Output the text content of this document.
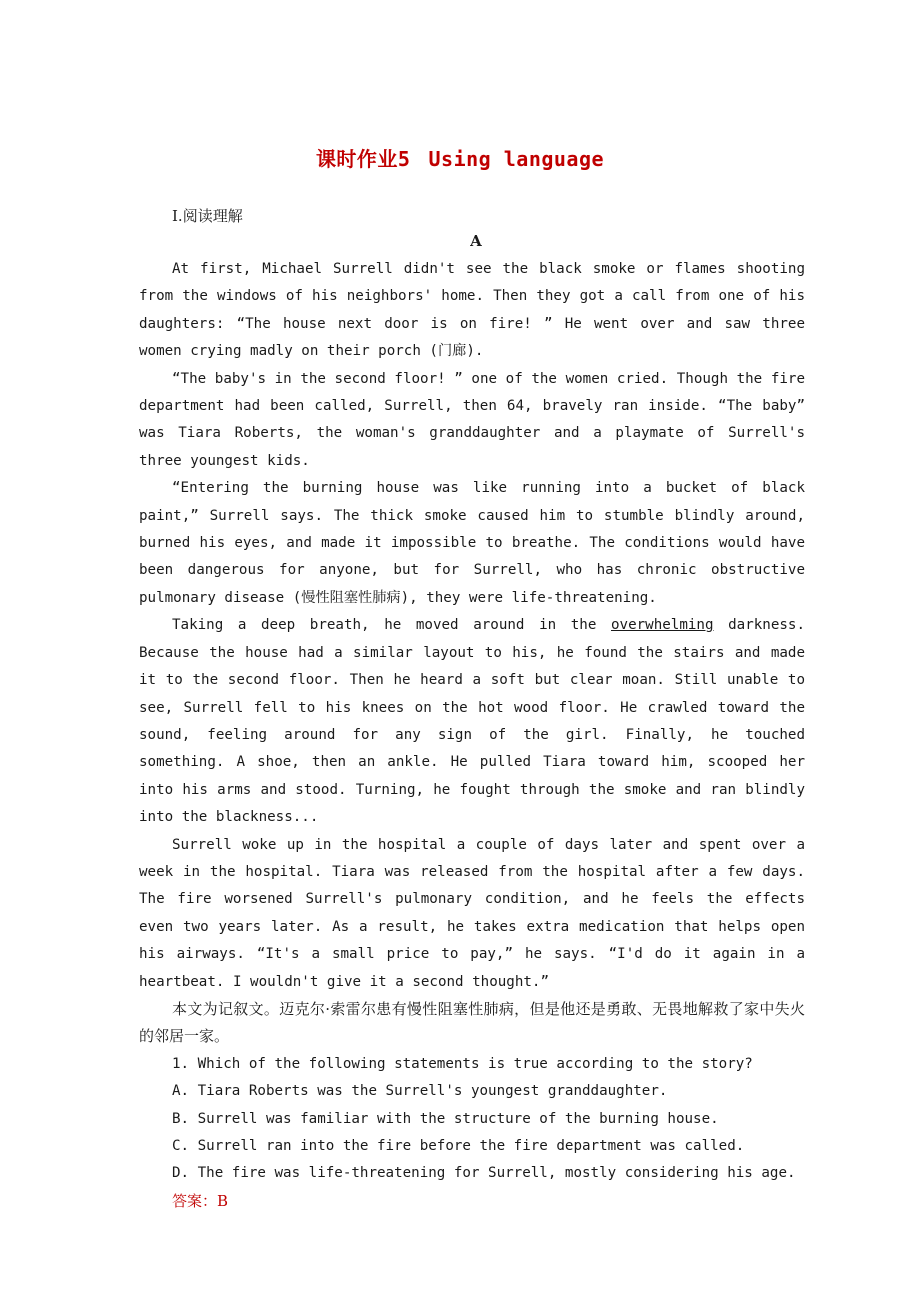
课时作业5 Using language
Ⅰ.阅读理解
A

At first, Michael Surrell didn't see the black smoke or flames shooting from the windows of his neighbors' home. Then they got a call from one of his daughters: “The house next door is on fire! ” He went over and saw three women crying madly on their porch (门廊).

“The baby's in the second floor! ” one of the women cried. Though the fire department had been called, Surrell, then 64, bravely ran inside. “The baby” was Tiara Roberts, the woman's granddaughter and a playmate of Surrell's three youngest kids.

“Entering the burning house was like running into a bucket of black paint,” Surrell says. The thick smoke caused him to stumble blindly around, burned his eyes, and made it impossible to breathe. The conditions would have been dangerous for anyone, but for Surrell, who has chronic obstructive pulmonary disease (慢性阻塞性肺病), they were life-threatening.

Taking a deep breath, he moved around in the overwhelming darkness. Because the house had a similar layout to his, he found the stairs and made it to the second floor. Then he heard a soft but clear moan. Still unable to see, Surrell fell to his knees on the hot wood floor. He crawled toward the sound, feeling around for any sign of the girl. Finally, he touched something. A shoe, then an ankle. He pulled Tiara toward him, scooped her into his arms and stood. Turning, he fought through the smoke and ran blindly into the blackness...

Surrell woke up in the hospital a couple of days later and spent over a week in the hospital. Tiara was released from the hospital after a few days. The fire worsened Surrell's pulmonary condition, and he feels the effects even two years later. As a result, he takes extra medication that helps open his airways. “It's a small price to pay,” he says. “I'd do it again in a heartbeat. I wouldn't give it a second thought.”

本文为记叙文。迈克尔·索雷尔患有慢性阻塞性肺病，但是他还是勇敢、无畏地解救了家中失火的邻居一家。

1. Which of the following statements is true according to the story?
A. Tiara Roberts was the Surrell's youngest granddaughter.
B. Surrell was familiar with the structure of the burning house.
C. Surrell ran into the fire before the fire department was called.
D. The fire was life-threatening for Surrell, mostly considering his age.
答案：B
